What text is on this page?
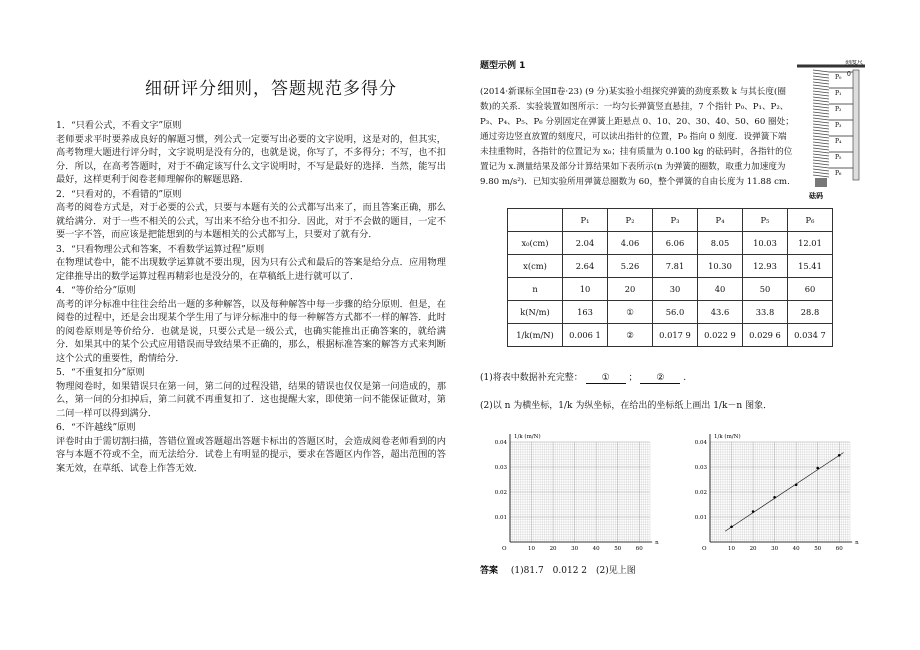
细研评分细则，答题规范多得分
1．“只看公式，不看文字”原则
老师要求平时要养成良好的解题习惯，列公式一定要写出必要的文字说明，这是对的，但其实，高考物理大题进行评分时，文字说明是没有分的，也就是说，你写了，不多得分；不写，也不扣分．所以，在高考答题时，对于不确定该写什么文字说明时，不写是最好的选择．当然，能写出最好，这样更利于阅卷老师理解你的解题思路．
2．“只看对的，不看错的”原则
高考的阅卷方式是，对于必要的公式，只要与本题有关的公式都写出来了，而且答案正确，那么就给满分．对于一些不相关的公式，写出来不给分也不扣分．因此，对于不会做的题目，一定不要一字不答，而应该是把能想到的与本题相关的公式都写上，只要对了就有分．
3．“只看物理公式和答案，不看数学运算过程”原则
在物理试卷中，能不出现数学运算就不要出现，因为只有公式和最后的答案是给分点．应用物理定律推导出的数学运算过程再精彩也是没分的，在草稿纸上进行就可以了．
4．“等价给分”原则
高考的评分标准中往往会给出一题的多种解答，以及每种解答中每一步骤的给分原则．但是，在阅卷的过程中，还是会出现某个学生用了与评分标准中的每一种解答方式都不一样的解答．此时的阅卷原则是等价给分．也就是说，只要公式是一级公式，也确实能推出正确答案的，就给满分．如果其中的某个公式应用错误而导致结果不正确的，那么，根据标准答案的解答方式来判断这个公式的重要性，酌情给分．
5．“不重复扣分”原则
物理阅卷时，如果错误只在第一问，第二问的过程没错，结果的错误也仅仅是第一问造成的，那么，第一问的分扣掉后，第二问就不再重复扣了．这也提醒大家，即使第一问不能保证做对，第二问一样可以得到满分．
6．“不许越线”原则
评卷时由于需切割扫描，答错位置或答题超出答题卡标出的答题区时，会造成阅卷老师看到的内容与本题不符或不全，而无法给分．试卷上有明显的提示，要求在答题区内作答，超出范围的答案无效，在草纸、试卷上作答无效．
题型示例 1
(2014·新课标全国Ⅱ卷·23) (9 分)某实验小组探究弹簧的劲度系数 k 与其长度(圈数)的关系．实验装置如图所示：一均匀长弹簧竖直悬挂，7 个指针 P₀、P₁、P₂、P₃、P₄、P₅、P₆ 分别固定在弹簧上距悬点 0、10、20、30、40、50、60 圈处；通过旁边竖直放置的刻度尺，可以读出指针的位置，P₀ 指向 0 刻度．设弹簧下端未挂重物时，各指针的位置记为 x₀；挂有质量为 0.100 kg 的砝码时，各指针的位置记为 x.测量结果及部分计算结果如下表所示(n 为弹簧的圈数，取重力加速度为 9.80 m/s²)．已知实验所用弹簧总圈数为 60，整个弹簧的自由长度为 11.88 cm.
刻度尺
0
P₀
P₁
P₂
P₃
P₄
P₅
P₆
砝码
	P₁	P₂	P₃	P₄	P₅	P₆
x₀(cm)	2.04	4.06	6.06	8.05	10.03	12.01
x(cm)	2.64	5.26	7.81	10.30	12.93	15.41
n	10	20	30	40	50	60
k(N/m)	163	①	56.0	43.6	33.8	28.8
1/k(m/N)	0.006 1	②	0.017 9	0.022 9	0.029 6	0.034 7
(1)将表中数据补充完整： ① ； ② .
(2)以 n 为横坐标，1/k 为纵坐标，在给出的坐标纸上画出 1/k－n 图象．
1/k (m/N)
n
O
0.04
0.03
0.02
0.01
10	20	30	40	50	60
1/k (m/N)
n
O
0.04
0.03
0.02
0.01
10	20	30	40	50	60
答案 (1)81.7　0.012 2　(2)见上图
